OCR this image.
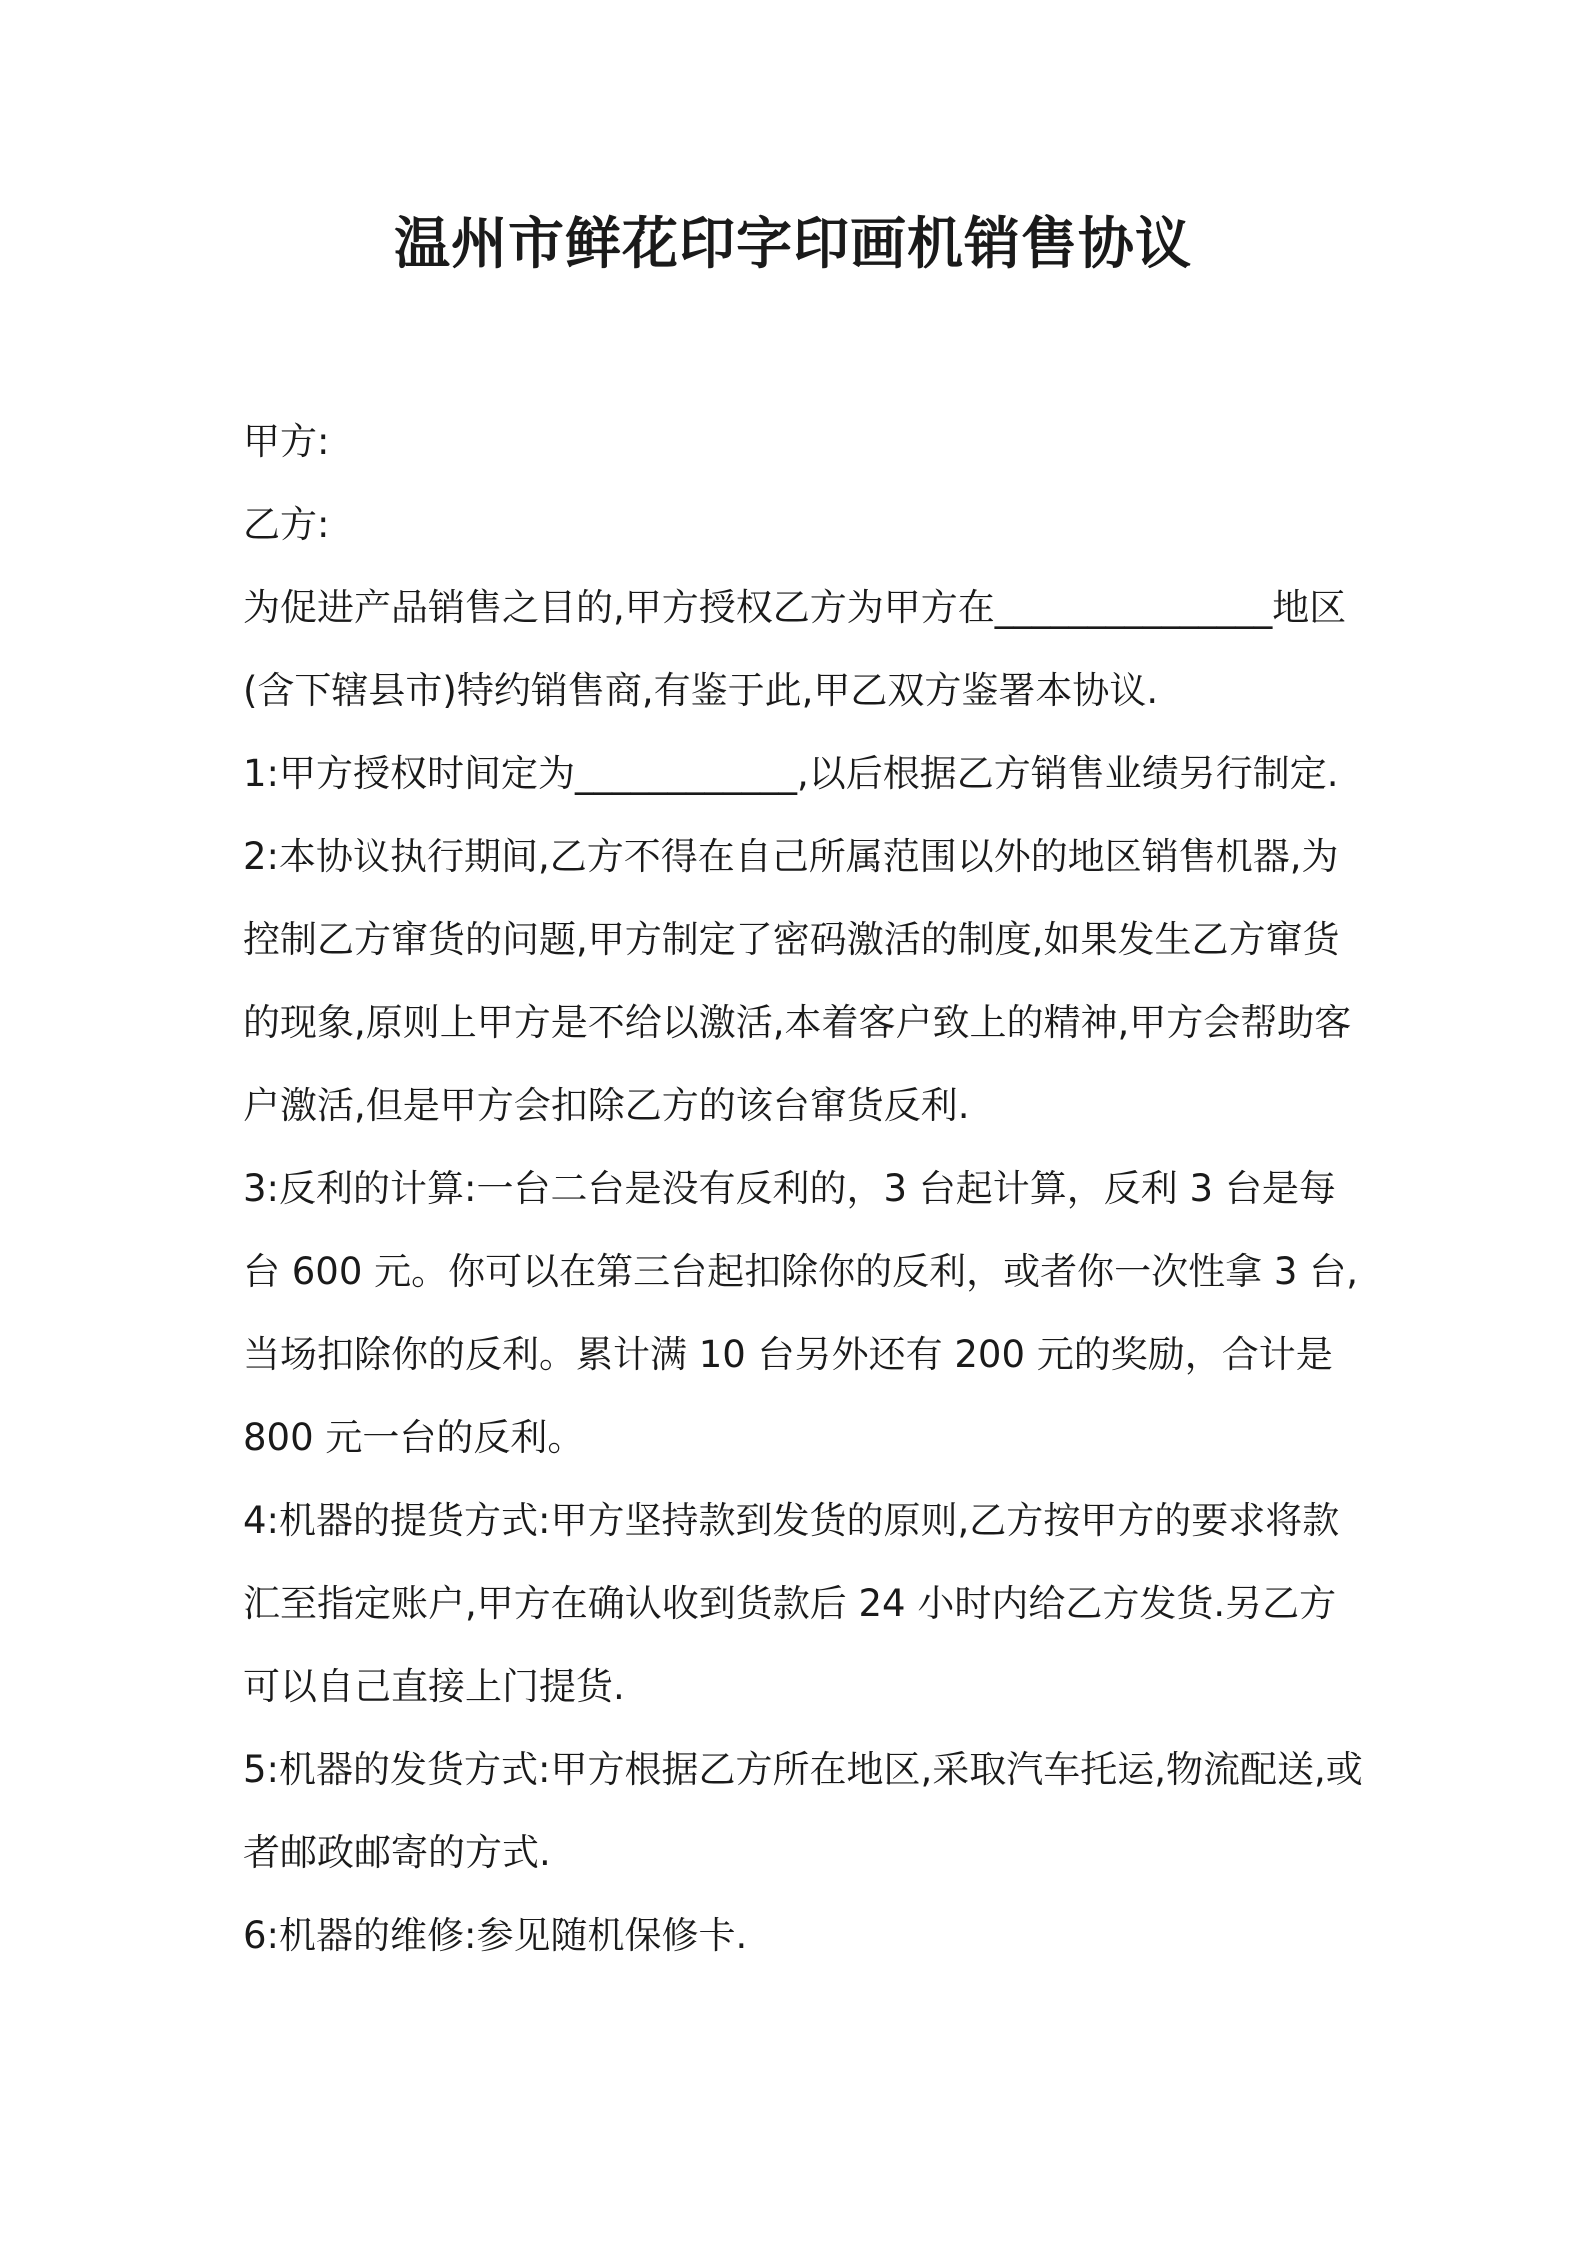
温州市鲜花印字印画机销售协议

甲方:

乙方:

为促进产品销售之目的,甲方授权乙方为甲方在_______________地区(含下辖县市)特约销售商,有鉴于此,甲乙双方鉴署本协议.

1:甲方授权时间定为____________,以后根据乙方销售业绩另行制定.

2:本协议执行期间,乙方不得在自己所属范围以外的地区销售机器,为控制乙方窜货的问题,甲方制定了密码激活的制度,如果发生乙方窜货的现象,原则上甲方是不给以激活,本着客户致上的精神,甲方会帮助客户激活,但是甲方会扣除乙方的该台窜货反利.

3:反利的计算:一台二台是没有反利的，3 台起计算，反利 3 台是每台 600 元。你可以在第三台起扣除你的反利，或者你一次性拿 3 台,当场扣除你的反利。累计满 10 台另外还有 200 元的奖励，合计是 800 元一台的反利。

4:机器的提货方式:甲方坚持款到发货的原则,乙方按甲方的要求将款汇至指定账户,甲方在确认收到货款后 24 小时内给乙方发货.另乙方可以自己直接上门提货.

5:机器的发货方式:甲方根据乙方所在地区,采取汽车托运,物流配送,或者邮政邮寄的方式.

6:机器的维修:参见随机保修卡.
